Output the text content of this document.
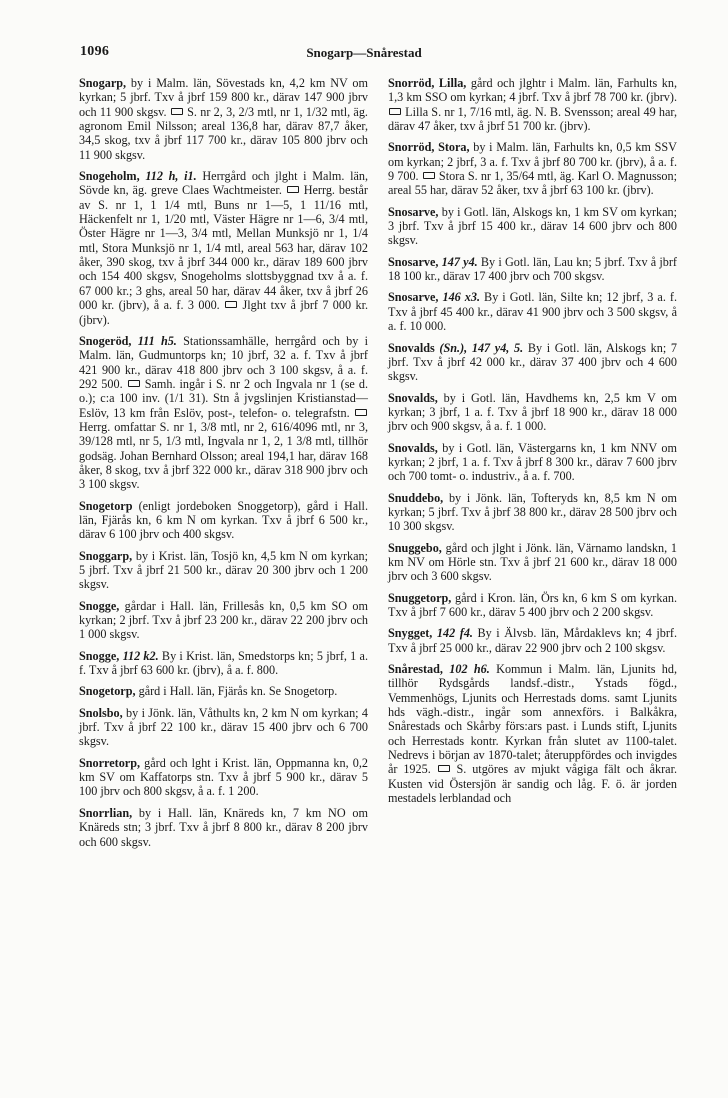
1096	Snogarp—Snårestad

Snogarp, by i Malm. län, Sövestads kn, 4,2 km NV om kyrkan; 5 jbrf. Txv å jbrf 159 800 kr., därav 147 900 jbrv och 11 900 skgsv.  S. nr 2, 3, 2/3 mtl, nr 1, 1/32 mtl, äg. agronom Emil Nilsson; areal 136,8 har, därav 87,7 åker, 34,5 skog, txv å jbrf 117 700 kr., därav 105 800 jbrv och 11 900 skgsv.

Snogeholm, 112 h, i1. Herrgård och jlght i Malm. län, Sövde kn, äg. greve Claes Wachtmeister.  Herrg. består av S. nr 1, 1 1/4 mtl, Buns nr 1—5, 1 11/16 mtl, Häckenfelt nr 1, 1/20 mtl, Väster Hägre nr 1—6, 3/4 mtl, Öster Hägre nr 1—3, 3/4 mtl, Mellan Munksjö nr 1, 1/4 mtl, Stora Munksjö nr 1, 1/4 mtl, areal 563 har, därav 102 åker, 390 skog, txv å jbrf 344 000 kr., därav 189 600 jbrv och 154 400 skgsv, Snogeholms slottsbyggnad txv å a. f. 67 000 kr.; 3 ghs, areal 50 har, därav 44 åker, txv å jbrf 26 000 kr. (jbrv), å a. f. 3 000.  Jlght txv å jbrf 7 000 kr. (jbrv).

Snogeröd, 111 h5. Stationssamhälle, herrgård och by i Malm. län, Gudmuntorps kn; 10 jbrf, 32 a. f. Txv å jbrf 421 900 kr., därav 418 800 jbrv och 3 100 skgsv, å a. f. 292 500.  Samh. ingår i S. nr 2 och Ingvala nr 1 (se d. o.); c:a 100 inv. (1/1 31). Stn å jvgslinjen Kristianstad—Eslöv, 13 km från Eslöv, post-, telefon- o. telegrafstn.  Herrg. omfattar S. nr 1, 3/8 mtl, nr 2, 616/4096 mtl, nr 3, 39/128 mtl, nr 5, 1/3 mtl, Ingvala nr 1, 2, 1 3/8 mtl, tillhör godsäg. Johan Bernhard Olsson; areal 194,1 har, därav 168 åker, 8 skog, txv å jbrf 322 000 kr., därav 318 900 jbrv och 3 100 skgsv.

Snogetorp (enligt jordeboken Snoggetorp), gård i Hall. län, Fjärås kn, 6 km N om kyrkan. Txv å jbrf 6 500 kr., därav 6 100 jbrv och 400 skgsv.

Snoggarp, by i Krist. län, Tosjö kn, 4,5 km N om kyrkan; 5 jbrf. Txv å jbrf 21 500 kr., därav 20 300 jbrv och 1 200 skgsv.

Snogge, gårdar i Hall. län, Frillesås kn, 0,5 km SO om kyrkan; 2 jbrf. Txv å jbrf 23 200 kr., därav 22 200 jbrv och 1 000 skgsv.

Snogge, 112 k2. By i Krist. län, Smedstorps kn; 5 jbrf, 1 a. f. Txv å jbrf 63 600 kr. (jbrv), å a. f. 800.

Snogetorp, gård i Hall. län, Fjärås kn. Se Snogetorp.

Snolsbo, by i Jönk. län, Våthults kn, 2 km N om kyrkan; 4 jbrf. Txv å jbrf 22 100 kr., därav 15 400 jbrv och 6 700 skgsv.

Snorretorp, gård och lght i Krist. län, Oppmanna kn, 0,2 km SV om Kaffatorps stn. Txv å jbrf 5 900 kr., därav 5 100 jbrv och 800 skgsv, å a. f. 1 200.

Snorrlian, by i Hall. län, Knäreds kn, 7 km NO om Knäreds stn; 3 jbrf. Txv å jbrf 8 800 kr., därav 8 200 jbrv och 600 skgsv.

Snorröd, Lilla, gård och jlghtr i Malm. län, Farhults kn, 1,3 km SSO om kyrkan; 4 jbrf. Txv å jbrf 78 700 kr. (jbrv).  Lilla S. nr 1, 7/16 mtl, äg. N. B. Svensson; areal 49 har, därav 47 åker, txv å jbrf 51 700 kr. (jbrv).

Snorröd, Stora, by i Malm. län, Farhults kn, 0,5 km SSV om kyrkan; 2 jbrf, 3 a. f. Txv å jbrf 80 700 kr. (jbrv), å a. f. 9 700.  Stora S. nr 1, 35/64 mtl, äg. Karl O. Magnusson; areal 55 har, därav 52 åker, txv å jbrf 63 100 kr. (jbrv).

Snosarve, by i Gotl. län, Alskogs kn, 1 km SV om kyrkan; 3 jbrf. Txv å jbrf 15 400 kr., därav 14 600 jbrv och 800 skgsv.

Snosarve, 147 y4. By i Gotl. län, Lau kn; 5 jbrf. Txv å jbrf 18 100 kr., därav 17 400 jbrv och 700 skgsv.

Snosarve, 146 x3. By i Gotl. län, Silte kn; 12 jbrf, 3 a. f. Txv å jbrf 45 400 kr., därav 41 900 jbrv och 3 500 skgsv, å a. f. 10 000.

Snovalds (Sn.), 147 y4, 5. By i Gotl. län, Alskogs kn; 7 jbrf. Txv å jbrf 42 000 kr., därav 37 400 jbrv och 4 600 skgsv.

Snovalds, by i Gotl. län, Havdhems kn, 2,5 km V om kyrkan; 3 jbrf, 1 a. f. Txv å jbrf 18 900 kr., därav 18 000 jbrv och 900 skgsv, å a. f. 1 000.

Snovalds, by i Gotl. län, Västergarns kn, 1 km NNV om kyrkan; 2 jbrf, 1 a. f. Txv å jbrf 8 300 kr., därav 7 600 jbrv och 700 tomt- o. industriv., å a. f. 700.

Snuddebo, by i Jönk. län, Tofteryds kn, 8,5 km N om kyrkan; 5 jbrf. Txv å jbrf 38 800 kr., därav 28 500 jbrv och 10 300 skgsv.

Snuggebo, gård och jlght i Jönk. län, Värnamo landskn, 1 km NV om Hörle stn. Txv å jbrf 21 600 kr., därav 18 000 jbrv och 3 600 skgsv.

Snuggetorp, gård i Kron. län, Örs kn, 6 km S om kyrkan. Txv å jbrf 7 600 kr., därav 5 400 jbrv och 2 200 skgsv.

Snygget, 142 f4. By i Älvsb. län, Mårdaklevs kn; 4 jbrf. Txv å jbrf 25 000 kr., därav 22 900 jbrv och 2 100 skgsv.

Snårestad, 102 h6. Kommun i Malm. län, Ljunits hd, tillhör Rydsgårds landsf.-distr., Ystads fögd., Vemmenhögs, Ljunits och Herrestads doms. samt Ljunits hds vägh.-distr., ingår som annexförs. i Balkåkra, Snårestads och Skårby förs:ars past. i Lunds stift, Ljunits och Herrestads kontr. Kyrkan från slutet av 1100-talet. Nedrevs i början av 1870-talet; återuppfördes och invigdes år 1925.  S. utgöres av mjukt vågiga fält och åkrar. Kusten vid Östersjön är sandig och låg. F. ö. är jorden mestadels lerblandad och
